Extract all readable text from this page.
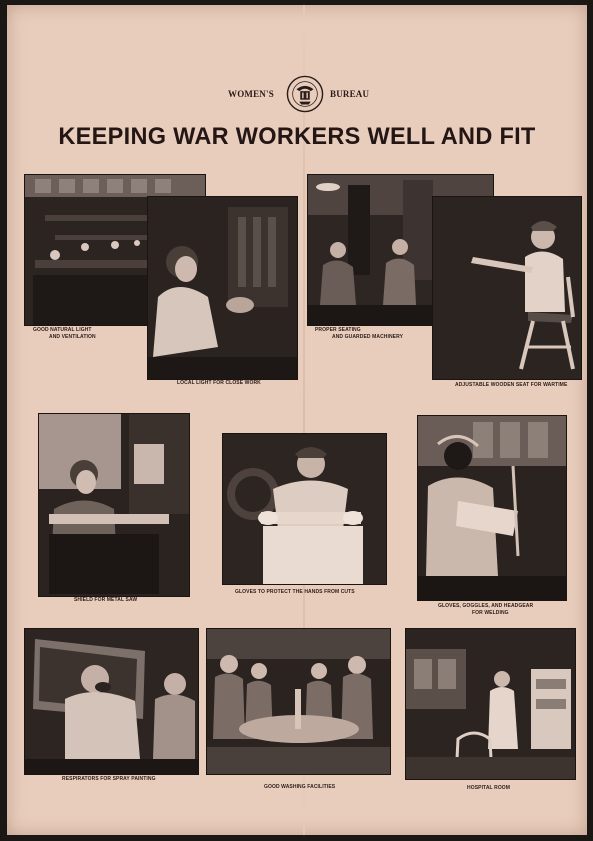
WOMEN'S	BUREAU
KEEPING WAR WORKERS WELL AND FIT
GOOD NATURAL LIGHT
AND VENTILATION
LOCAL LIGHT FOR CLOSE WORK
PROPER SEATING
AND GUARDED MACHINERY
ADJUSTABLE WOODEN SEAT FOR WARTIME
SHIELD FOR METAL SAW
GLOVES TO PROTECT THE HANDS FROM CUTS
GLOVES, GOGGLES, AND HEADGEAR
FOR WELDING
RESPIRATORS FOR SPRAY PAINTING
GOOD WASHING FACILITIES	HOSPITAL ROOM
